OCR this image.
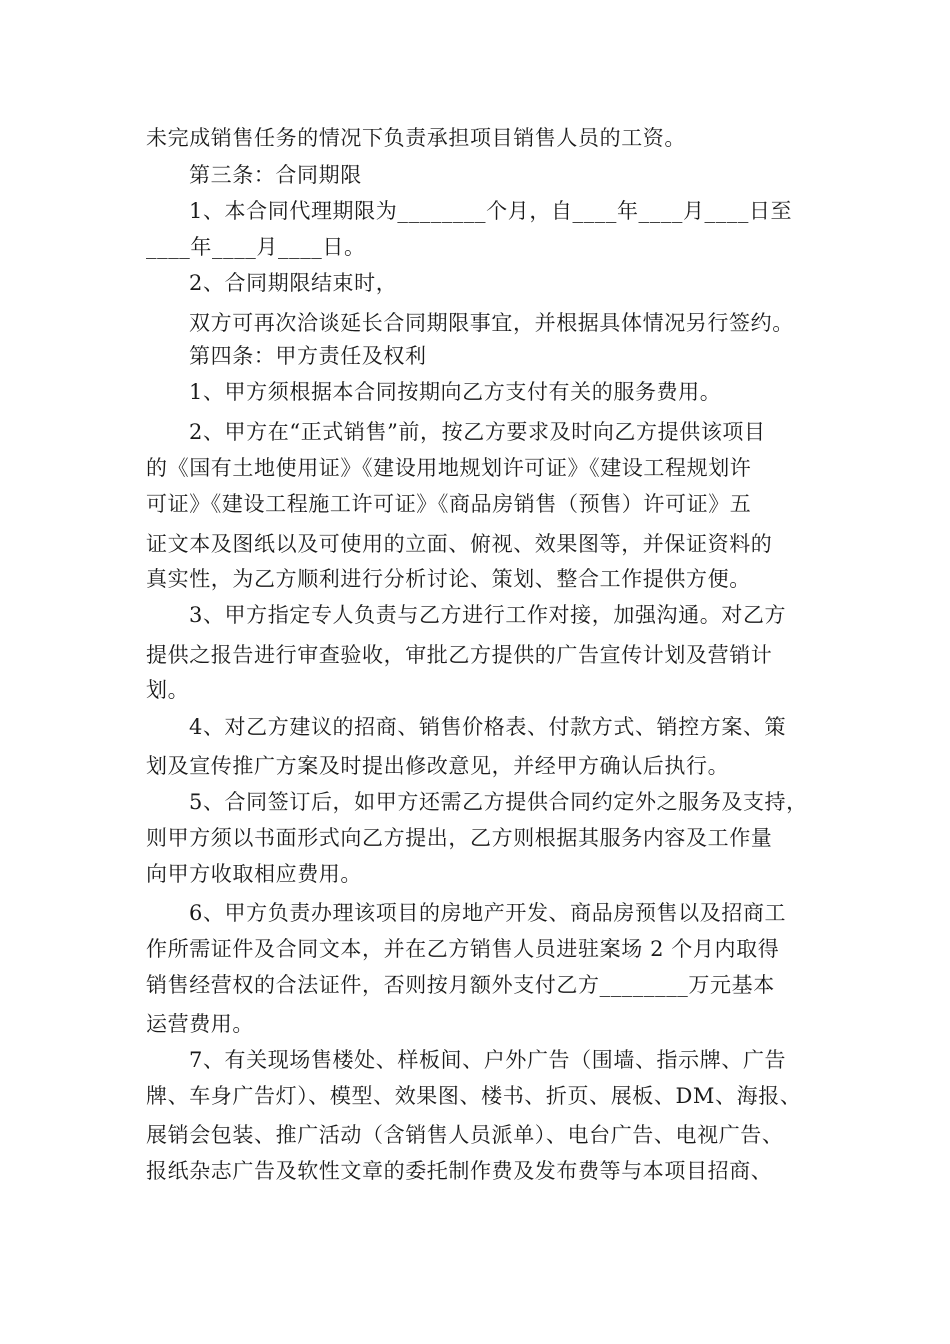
未完成销售任务的情况下负责承担项目销售人员的工资。
第三条：合同期限
1、本合同代理期限为________个月，自____年____月____日至
____年____月____日。
2、合同期限结束时，
双方可再次洽谈延长合同期限事宜，并根据具体情况另行签约。
第四条：甲方责任及权利
1、甲方须根据本合同按期向乙方支付有关的服务费用。
2、甲方在“正式销售”前，按乙方要求及时向乙方提供该项目
的《国有土地使用证》《建设用地规划许可证》《建设工程规划许
可证》《建设工程施工许可证》《商品房销售（预售）许可证》五
证文本及图纸以及可使用的立面、俯视、效果图等，并保证资料的
真实性，为乙方顺利进行分析讨论、策划、整合工作提供方便。
3、甲方指定专人负责与乙方进行工作对接，加强沟通。对乙方
提供之报告进行审查验收，审批乙方提供的广告宣传计划及营销计
划。
4、对乙方建议的招商、销售价格表、付款方式、销控方案、策
划及宣传推广方案及时提出修改意见，并经甲方确认后执行。
5、合同签订后，如甲方还需乙方提供合同约定外之服务及支持，
则甲方须以书面形式向乙方提出，乙方则根据其服务内容及工作量
向甲方收取相应费用。
6、甲方负责办理该项目的房地产开发、商品房预售以及招商工
作所需证件及合同文本，并在乙方销售人员进驻案场 2 个月内取得
销售经营权的合法证件，否则按月额外支付乙方________万元基本
运营费用。
7、有关现场售楼处、样板间、户外广告（围墙、指示牌、广告
牌、车身广告灯）、模型、效果图、楼书、折页、展板、DM、海报、
展销会包装、推广活动（含销售人员派单）、电台广告、电视广告、
报纸杂志广告及软性文章的委托制作费及发布费等与本项目招商、
